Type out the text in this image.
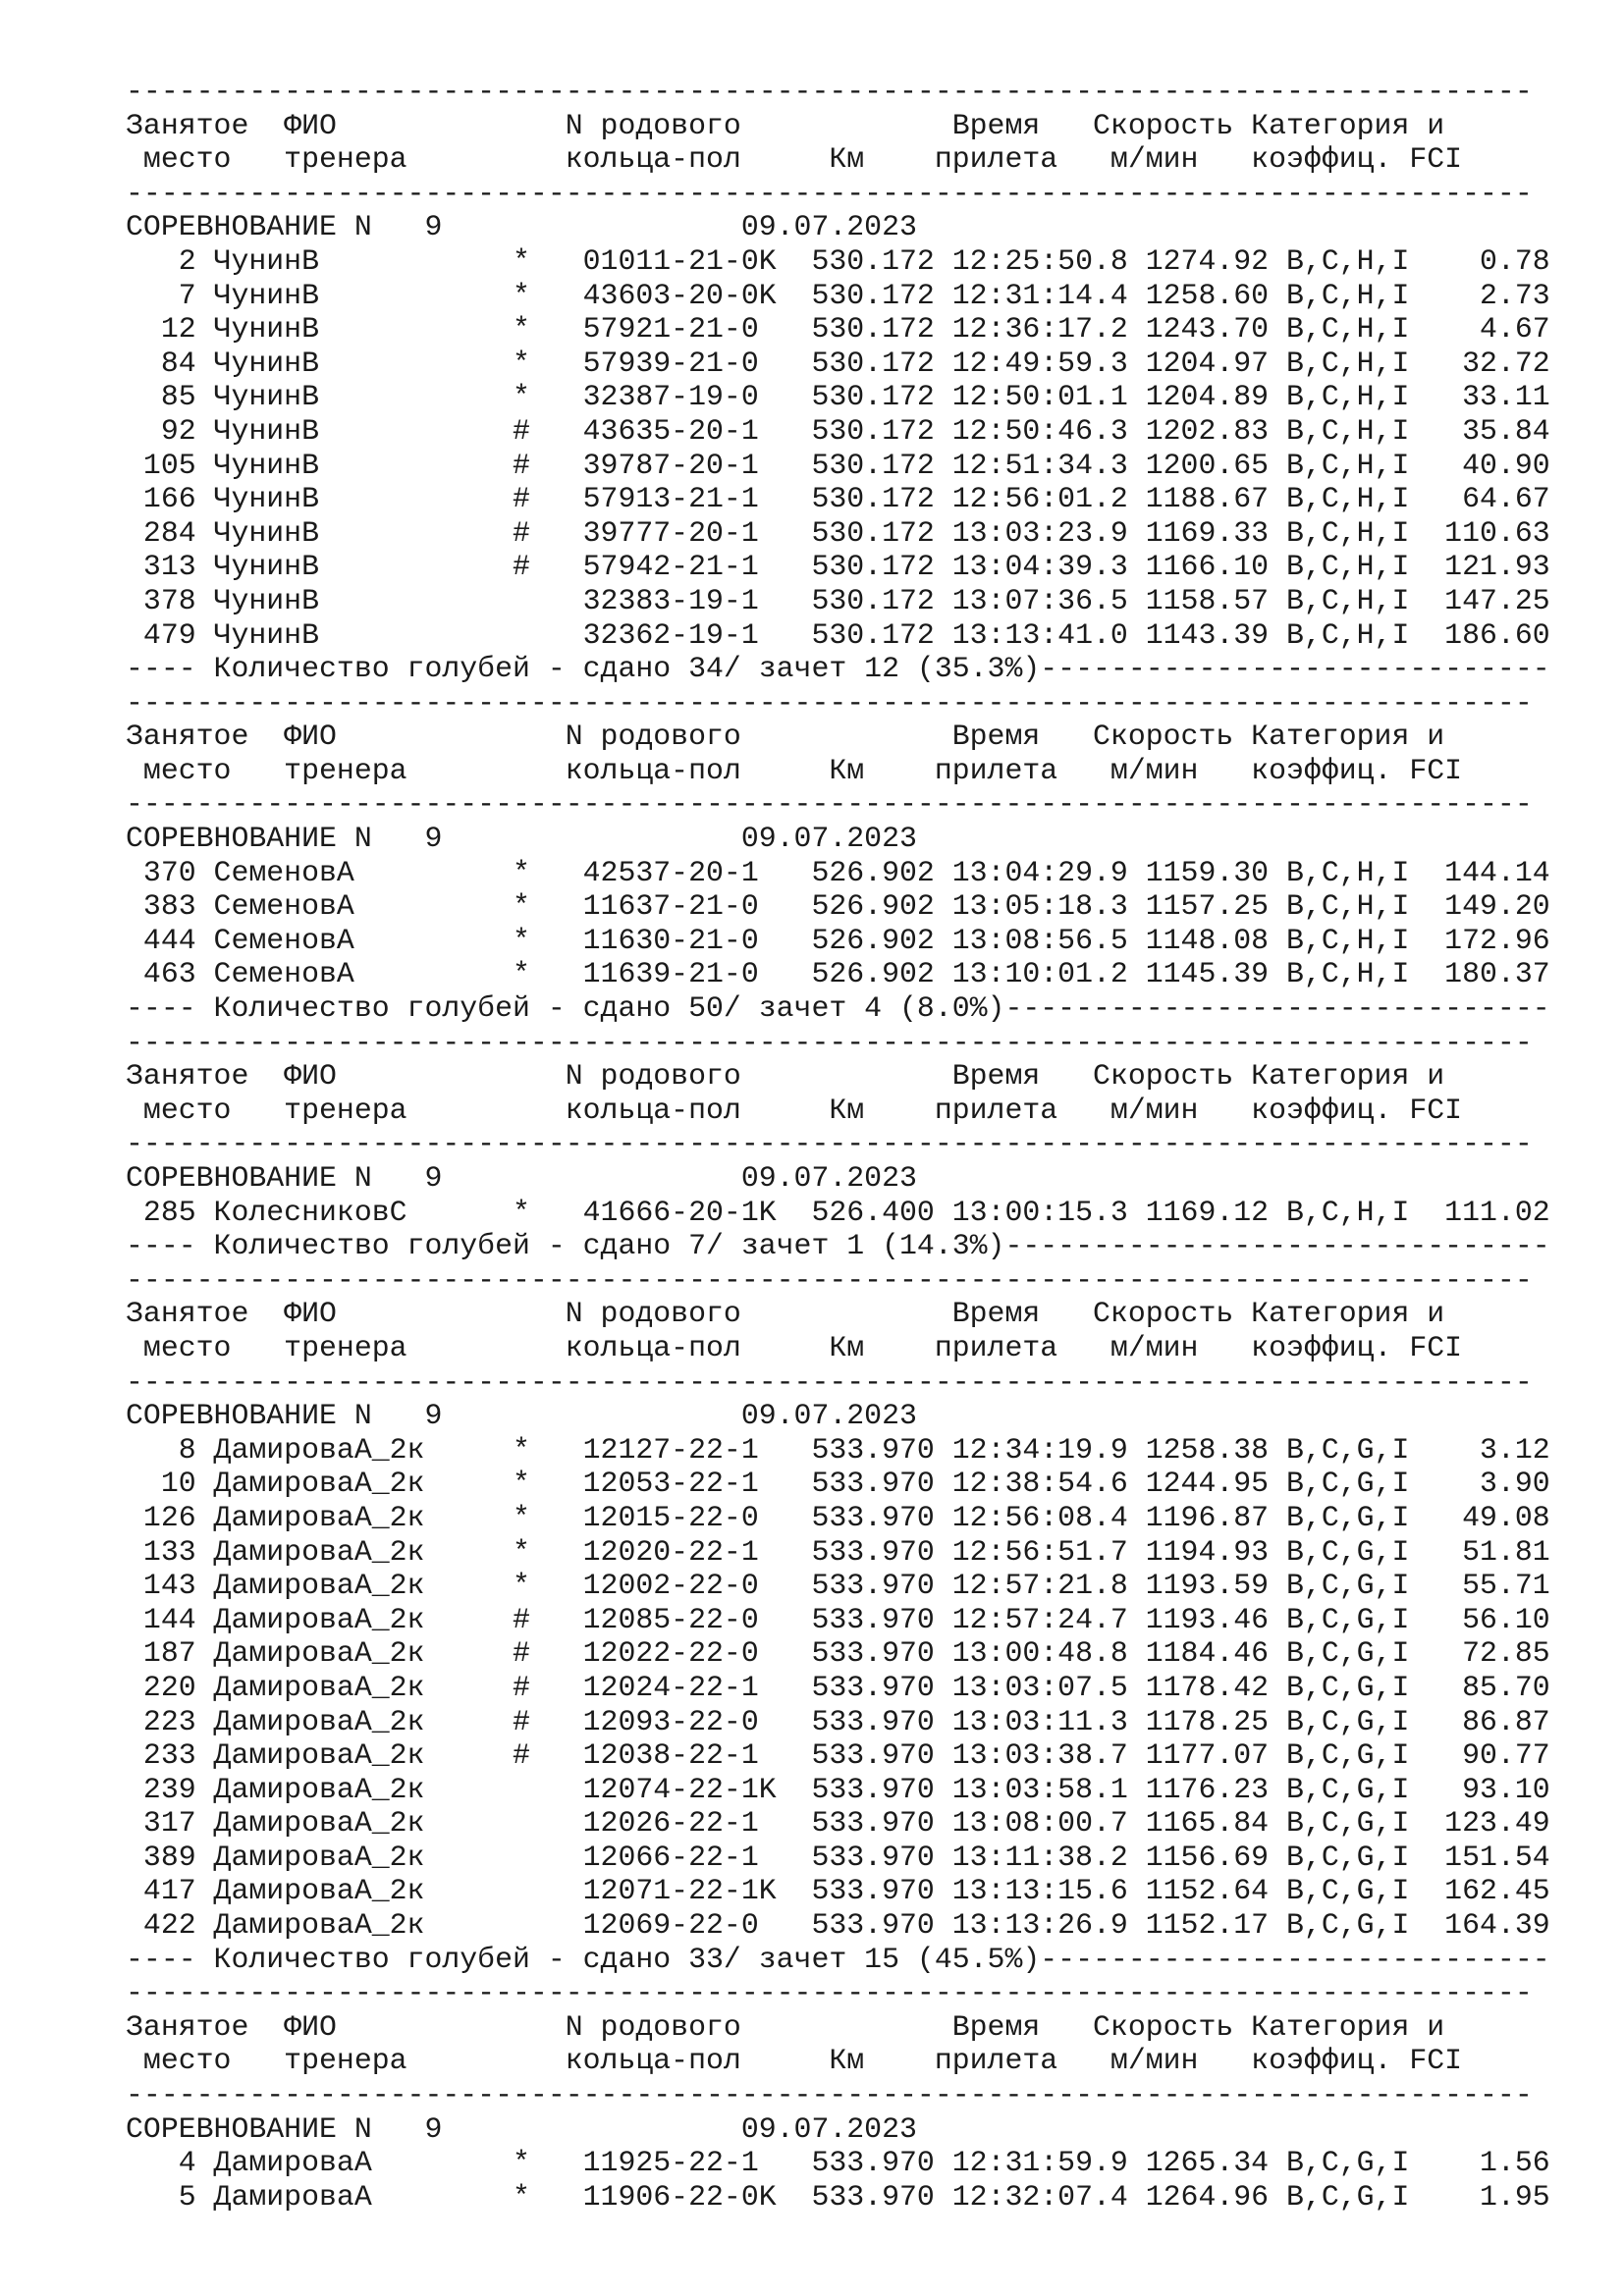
--------------------------------------------------------------------------------
Занятое  ФИО             N родового            Время   Скорость Категория и
место   тренера         кольца-пол     Км    прилета   м/мин   коэффиц. FCI
--------------------------------------------------------------------------------
СОРЕВНОВАНИЕ N   9                 09.07.2023
2 ЧунинВ           *   01011-21-0K  530.172 12:25:50.8 1274.92 B,C,H,I    0.78
7 ЧунинВ           *   43603-20-0K  530.172 12:31:14.4 1258.60 B,C,H,I    2.73
12 ЧунинВ           *   57921-21-0   530.172 12:36:17.2 1243.70 B,C,H,I    4.67
84 ЧунинВ           *   57939-21-0   530.172 12:49:59.3 1204.97 B,C,H,I   32.72
85 ЧунинВ           *   32387-19-0   530.172 12:50:01.1 1204.89 B,C,H,I   33.11
92 ЧунинВ           #   43635-20-1   530.172 12:50:46.3 1202.83 B,C,H,I   35.84
105 ЧунинВ           #   39787-20-1   530.172 12:51:34.3 1200.65 B,C,H,I   40.90
166 ЧунинВ           #   57913-21-1   530.172 12:56:01.2 1188.67 B,C,H,I   64.67
284 ЧунинВ           #   39777-20-1   530.172 13:03:23.9 1169.33 B,C,H,I  110.63
313 ЧунинВ           #   57942-21-1   530.172 13:04:39.3 1166.10 B,C,H,I  121.93
378 ЧунинВ               32383-19-1   530.172 13:07:36.5 1158.57 B,C,H,I  147.25
479 ЧунинВ               32362-19-1   530.172 13:13:41.0 1143.39 B,C,H,I  186.60
---- Количество голубей - сдано 34/ зачет 12 (35.3%)-----------------------------
--------------------------------------------------------------------------------
Занятое  ФИО             N родового            Время   Скорость Категория и
место   тренера         кольца-пол     Км    прилета   м/мин   коэффиц. FCI
--------------------------------------------------------------------------------
СОРЕВНОВАНИЕ N   9                 09.07.2023
370 СеменовА         *   42537-20-1   526.902 13:04:29.9 1159.30 B,C,H,I  144.14
383 СеменовА         *   11637-21-0   526.902 13:05:18.3 1157.25 B,C,H,I  149.20
444 СеменовА         *   11630-21-0   526.902 13:08:56.5 1148.08 B,C,H,I  172.96
463 СеменовА         *   11639-21-0   526.902 13:10:01.2 1145.39 B,C,H,I  180.37
---- Количество голубей - сдано 50/ зачет 4 (8.0%)-------------------------------
--------------------------------------------------------------------------------
Занятое  ФИО             N родового            Время   Скорость Категория и
место   тренера         кольца-пол     Км    прилета   м/мин   коэффиц. FCI
--------------------------------------------------------------------------------
СОРЕВНОВАНИЕ N   9                 09.07.2023
285 КолесниковС      *   41666-20-1K  526.400 13:00:15.3 1169.12 B,C,H,I  111.02
---- Количество голубей - сдано 7/ зачет 1 (14.3%)-------------------------------
--------------------------------------------------------------------------------
Занятое  ФИО             N родового            Время   Скорость Категория и
место   тренера         кольца-пол     Км    прилета   м/мин   коэффиц. FCI
--------------------------------------------------------------------------------
СОРЕВНОВАНИЕ N   9                 09.07.2023
8 ДамироваА_2к     *   12127-22-1   533.970 12:34:19.9 1258.38 B,C,G,I    3.12
10 ДамироваА_2к     *   12053-22-1   533.970 12:38:54.6 1244.95 B,C,G,I    3.90
126 ДамироваА_2к     *   12015-22-0   533.970 12:56:08.4 1196.87 B,C,G,I   49.08
133 ДамироваА_2к     *   12020-22-1   533.970 12:56:51.7 1194.93 B,C,G,I   51.81
143 ДамироваА_2к     *   12002-22-0   533.970 12:57:21.8 1193.59 B,C,G,I   55.71
144 ДамироваА_2к     #   12085-22-0   533.970 12:57:24.7 1193.46 B,C,G,I   56.10
187 ДамироваА_2к     #   12022-22-0   533.970 13:00:48.8 1184.46 B,C,G,I   72.85
220 ДамироваА_2к     #   12024-22-1   533.970 13:03:07.5 1178.42 B,C,G,I   85.70
223 ДамироваА_2к     #   12093-22-0   533.970 13:03:11.3 1178.25 B,C,G,I   86.87
233 ДамироваА_2к     #   12038-22-1   533.970 13:03:38.7 1177.07 B,C,G,I   90.77
239 ДамироваА_2к         12074-22-1K  533.970 13:03:58.1 1176.23 B,C,G,I   93.10
317 ДамироваА_2к         12026-22-1   533.970 13:08:00.7 1165.84 B,C,G,I  123.49
389 ДамироваА_2к         12066-22-1   533.970 13:11:38.2 1156.69 B,C,G,I  151.54
417 ДамироваА_2к         12071-22-1K  533.970 13:13:15.6 1152.64 B,C,G,I  162.45
422 ДамироваА_2к         12069-22-0   533.970 13:13:26.9 1152.17 B,C,G,I  164.39
---- Количество голубей - сдано 33/ зачет 15 (45.5%)-----------------------------
--------------------------------------------------------------------------------
Занятое  ФИО             N родового            Время   Скорость Категория и
место   тренера         кольца-пол     Км    прилета   м/мин   коэффиц. FCI
--------------------------------------------------------------------------------
СОРЕВНОВАНИЕ N   9                 09.07.2023
4 ДамироваА        *   11925-22-1   533.970 12:31:59.9 1265.34 B,C,G,I    1.56
5 ДамироваА        *   11906-22-0K  533.970 12:32:07.4 1264.96 B,C,G,I    1.95
